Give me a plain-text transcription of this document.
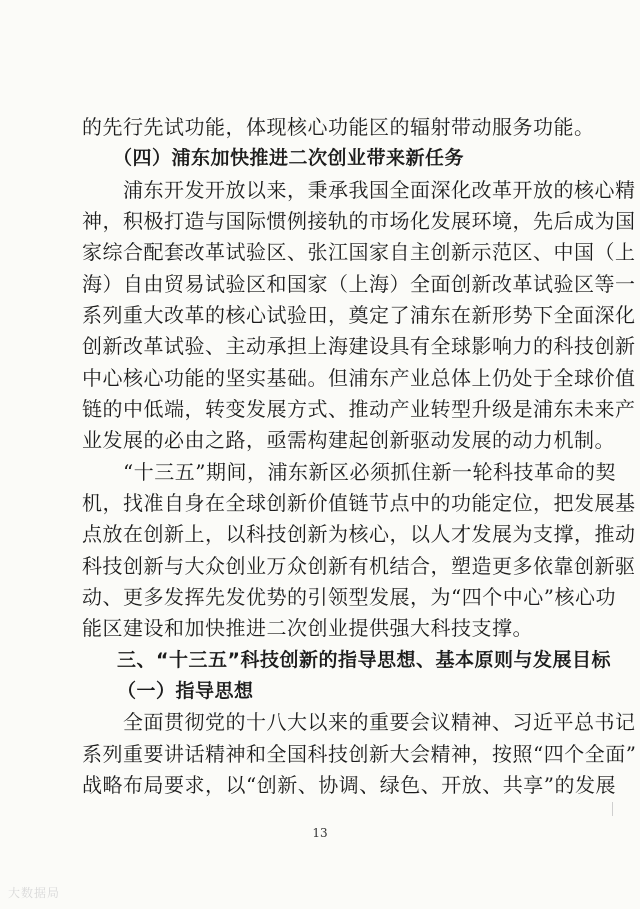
的先行先试功能，体现核心功能区的辐射带动服务功能。
（四）浦东加快推进二次创业带来新任务
浦东开发开放以来，秉承我国全面深化改革开放的核心精
神，积极打造与国际惯例接轨的市场化发展环境，先后成为国
家综合配套改革试验区、张江国家自主创新示范区、中国（上
海）自由贸易试验区和国家（上海）全面创新改革试验区等一
系列重大改革的核心试验田，奠定了浦东在新形势下全面深化
创新改革试验、主动承担上海建设具有全球影响力的科技创新
中心核心功能的坚实基础。但浦东产业总体上仍处于全球价值
链的中低端，转变发展方式、推动产业转型升级是浦东未来产
业发展的必由之路，亟需构建起创新驱动发展的动力机制。
“十三五”期间，浦东新区必须抓住新一轮科技革命的契
机，找准自身在全球创新价值链节点中的功能定位，把发展基
点放在创新上，以科技创新为核心，以人才发展为支撑，推动
科技创新与大众创业万众创新有机结合，塑造更多依靠创新驱
动、更多发挥先发优势的引领型发展，为“四个中心”核心功
能区建设和加快推进二次创业提供强大科技支撑。
三、“十三五”科技创新的指导思想、基本原则与发展目标
（一）指导思想
全面贯彻党的十八大以来的重要会议精神、习近平总书记
系列重要讲话精神和全国科技创新大会精神，按照“四个全面”
战略布局要求，以“创新、协调、绿色、开放、共享”的发展
13
大数据局
